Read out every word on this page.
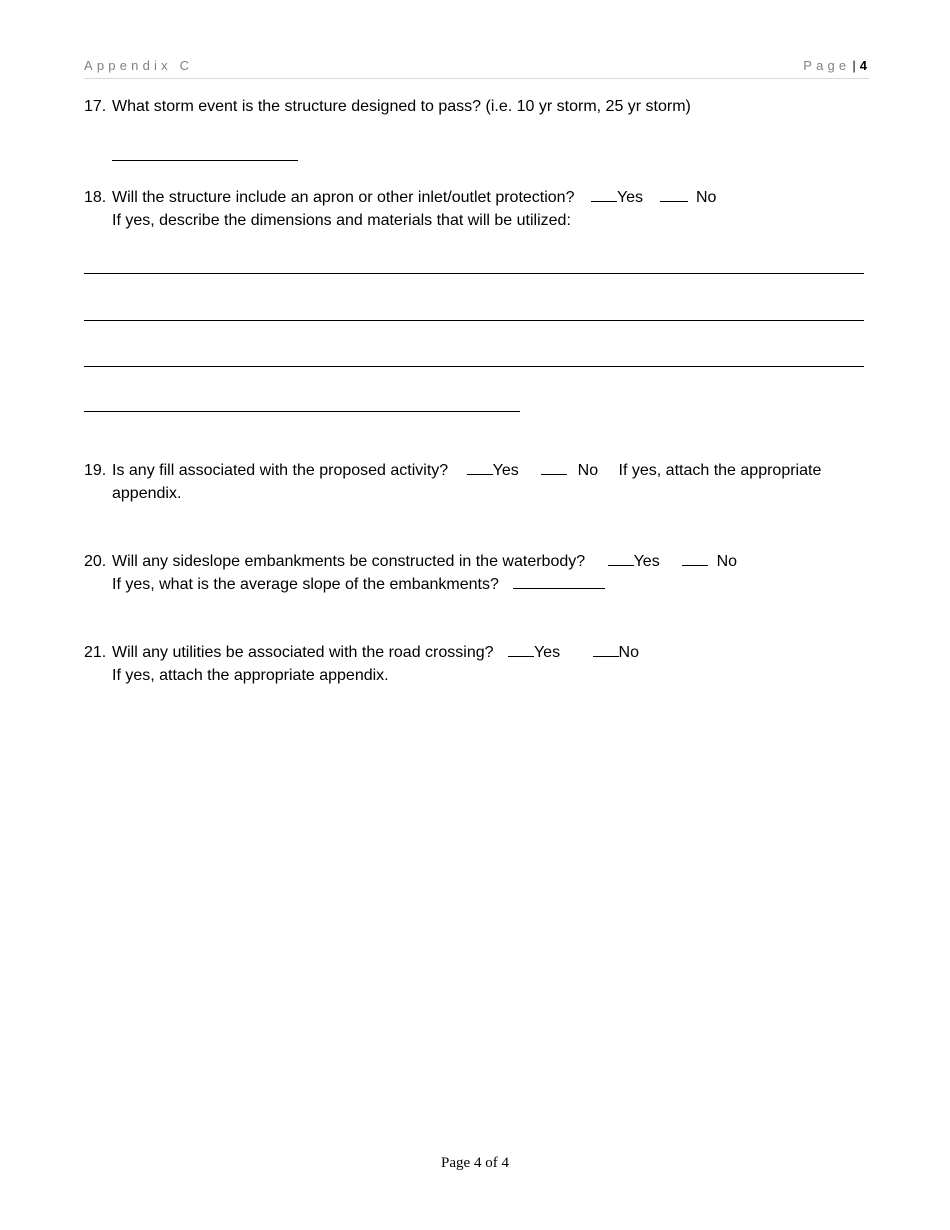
Appendix C	Page | 4
17. What storm event is the structure designed to pass? (i.e. 10 yr storm, 25 yr storm)
18. Will the structure include an apron or other inlet/outlet protection?	Yes	No
If yes, describe the dimensions and materials that will be utilized:
19. Is any fill associated with the proposed activity?	Yes	No If yes, attach the appropriate
appendix.
20. Will any sideslope embankments be constructed in the waterbody?	Yes	No
If yes, what is the average slope of the embankments?
21. Will any utilities be associated with the road crossing?	Yes	No
If yes, attach the appropriate appendix.
Page 4 of 4
